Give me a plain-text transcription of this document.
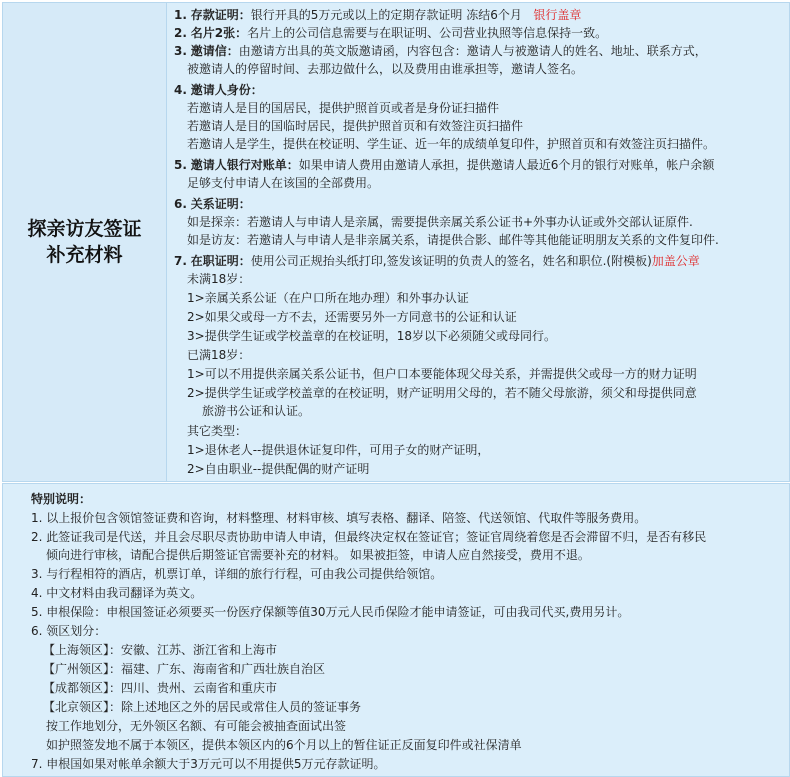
探亲访友签证
补充材料
1. 存款证明：银行开具的5万元或以上的定期存款证明 冻结6个月 银行盖章
2. 名片2张：名片上的公司信息需要与在职证明、公司营业执照等信息保持一致。
3. 邀请信：由邀请方出具的英文版邀请函，内容包含：邀请人与被邀请人的姓名、地址、联系方式，
被邀请人的停留时间、去那边做什么，以及费用由谁承担等，邀请人签名。
4. 邀请人身份：
若邀请人是目的国居民，提供护照首页或者是身份证扫描件
若邀请人是目的国临时居民，提供护照首页和有效签注页扫描件
若邀请人是学生，提供在校证明、学生证、近一年的成绩单复印件，护照首页和有效签注页扫描件。
5. 邀请人银行对账单：如果申请人费用由邀请人承担，提供邀请人最近6个月的银行对账单，帐户余额
足够支付申请人在该国的全部费用。
6. 关系证明：
如是探亲：若邀请人与申请人是亲属，需要提供亲属关系公证书+外事办认证或外交部认证原件.
如是访友：若邀请人与申请人是非亲属关系，请提供合影、邮件等其他能证明朋友关系的文件复印件.
7. 在职证明：使用公司正规抬头纸打印,签发该证明的负责人的签名，姓名和职位.(附模板)加盖公章
未满18岁：
1>亲属关系公证（在户口所在地办理）和外事办认证
2>如果父或母一方不去，还需要另外一方同意书的公证和认证
3>提供学生证或学校盖章的在校证明，18岁以下必须随父或母同行。
已满18岁：
1>可以不用提供亲属关系公证书，但户口本要能体现父母关系，并需提供父或母一方的财力证明
2>提供学生证或学校盖章的在校证明，财产证明用父母的，若不随父母旅游，须父和母提供同意
旅游书公证和认证。
其它类型：
1>退休老人--提供退休证复印件，可用子女的财产证明，
2>自由职业--提供配偶的财产证明
特别说明：
1. 以上报价包含领馆签证费和咨询，材料整理、材料审核、填写表格、翻译、陪签、代送领馆、代取件等服务费用。
2. 此签证我司是代送，并且会尽职尽责协助申请人申请，但最终决定权在签证官；签证官周绕着您是否会滞留不归，是否有移民
倾向进行审核，请配合提供后期签证官需要补充的材料。 如果被拒签，申请人应自然接受，费用不退。
3. 与行程相符的酒店，机票订单，详细的旅行行程，可由我公司提供给领馆。
4. 中文材料由我司翻译为英文。
5. 申根保险：申根国签证必须要买一份医疗保额等值30万元人民币保险才能申请签证，可由我司代买,费用另计。
6. 领区划分：
【上海领区】：安徽、江苏、浙江省和上海市
【广州领区】：福建、广东、海南省和广西壮族自治区
【成都领区】：四川、贵州、云南省和重庆市
【北京领区】：除上述地区之外的居民或常住人员的签证事务
按工作地划分，无外领区名额、有可能会被抽查面试出签
如护照签发地不属于本领区，提供本领区内的6个月以上的暂住证正反面复印件或社保清单
7. 申根国如果对帐单余额大于3万元可以不用提供5万元存款证明。
